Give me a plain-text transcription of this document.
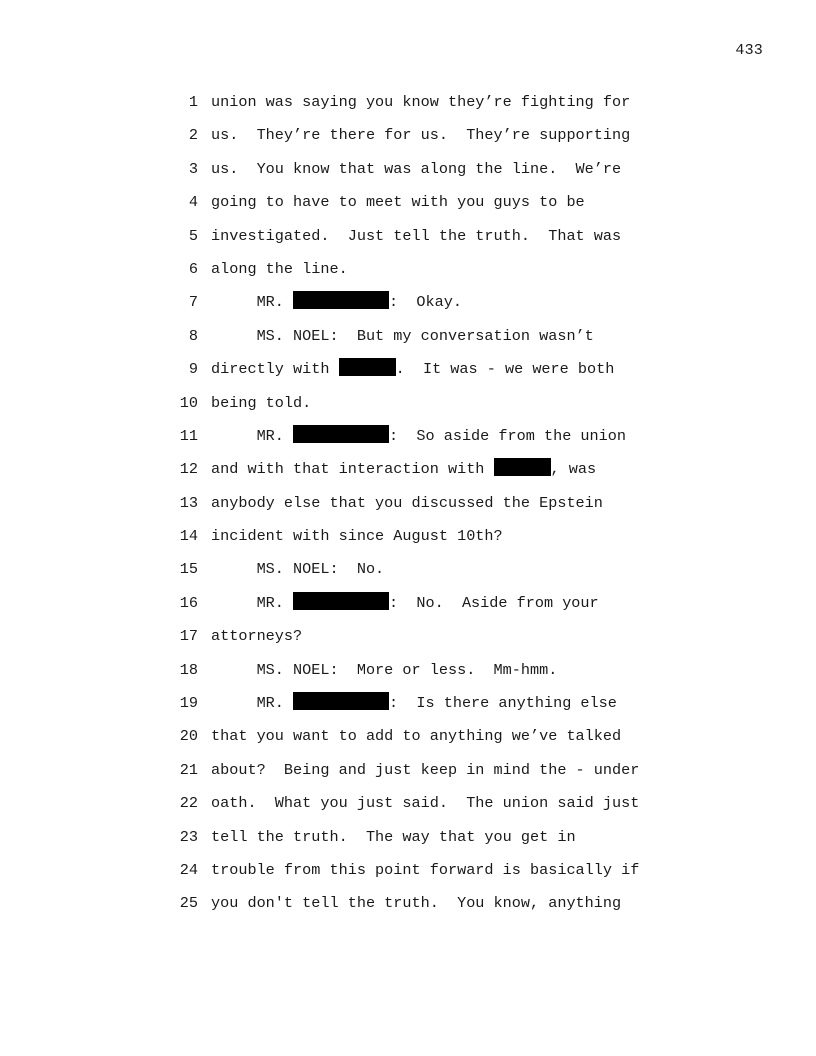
433

1

union was saying you know they’re fighting for

2

us.  They’re there for us.  They’re supporting

3

us.  You know that was along the line.  We’re

4

going to have to meet with you guys to be

5

investigated.  Just tell the truth.  That was

6

along the line.

7

MR.	:  Okay.

8

MS. NOEL:  But my conversation wasn’t

9

directly with	.  It was - we were both

10

being told.

11

MR.	:  So aside from the union

12

and with that interaction with	, was

13

anybody else that you discussed the Epstein

14

incident with since August 10th?

15

MS. NOEL:  No.

16

MR.	:  No.  Aside from your

17

attorneys?

18

MS. NOEL:  More or less.  Mm-hmm.

19

MR.	:  Is there anything else

20

that you want to add to anything we’ve talked

21

about?  Being and just keep in mind the - under

22

oath.  What you just said.  The union said just

23

tell the truth.  The way that you get in

24

trouble from this point forward is basically if

25

you don't tell the truth.  You know, anything
